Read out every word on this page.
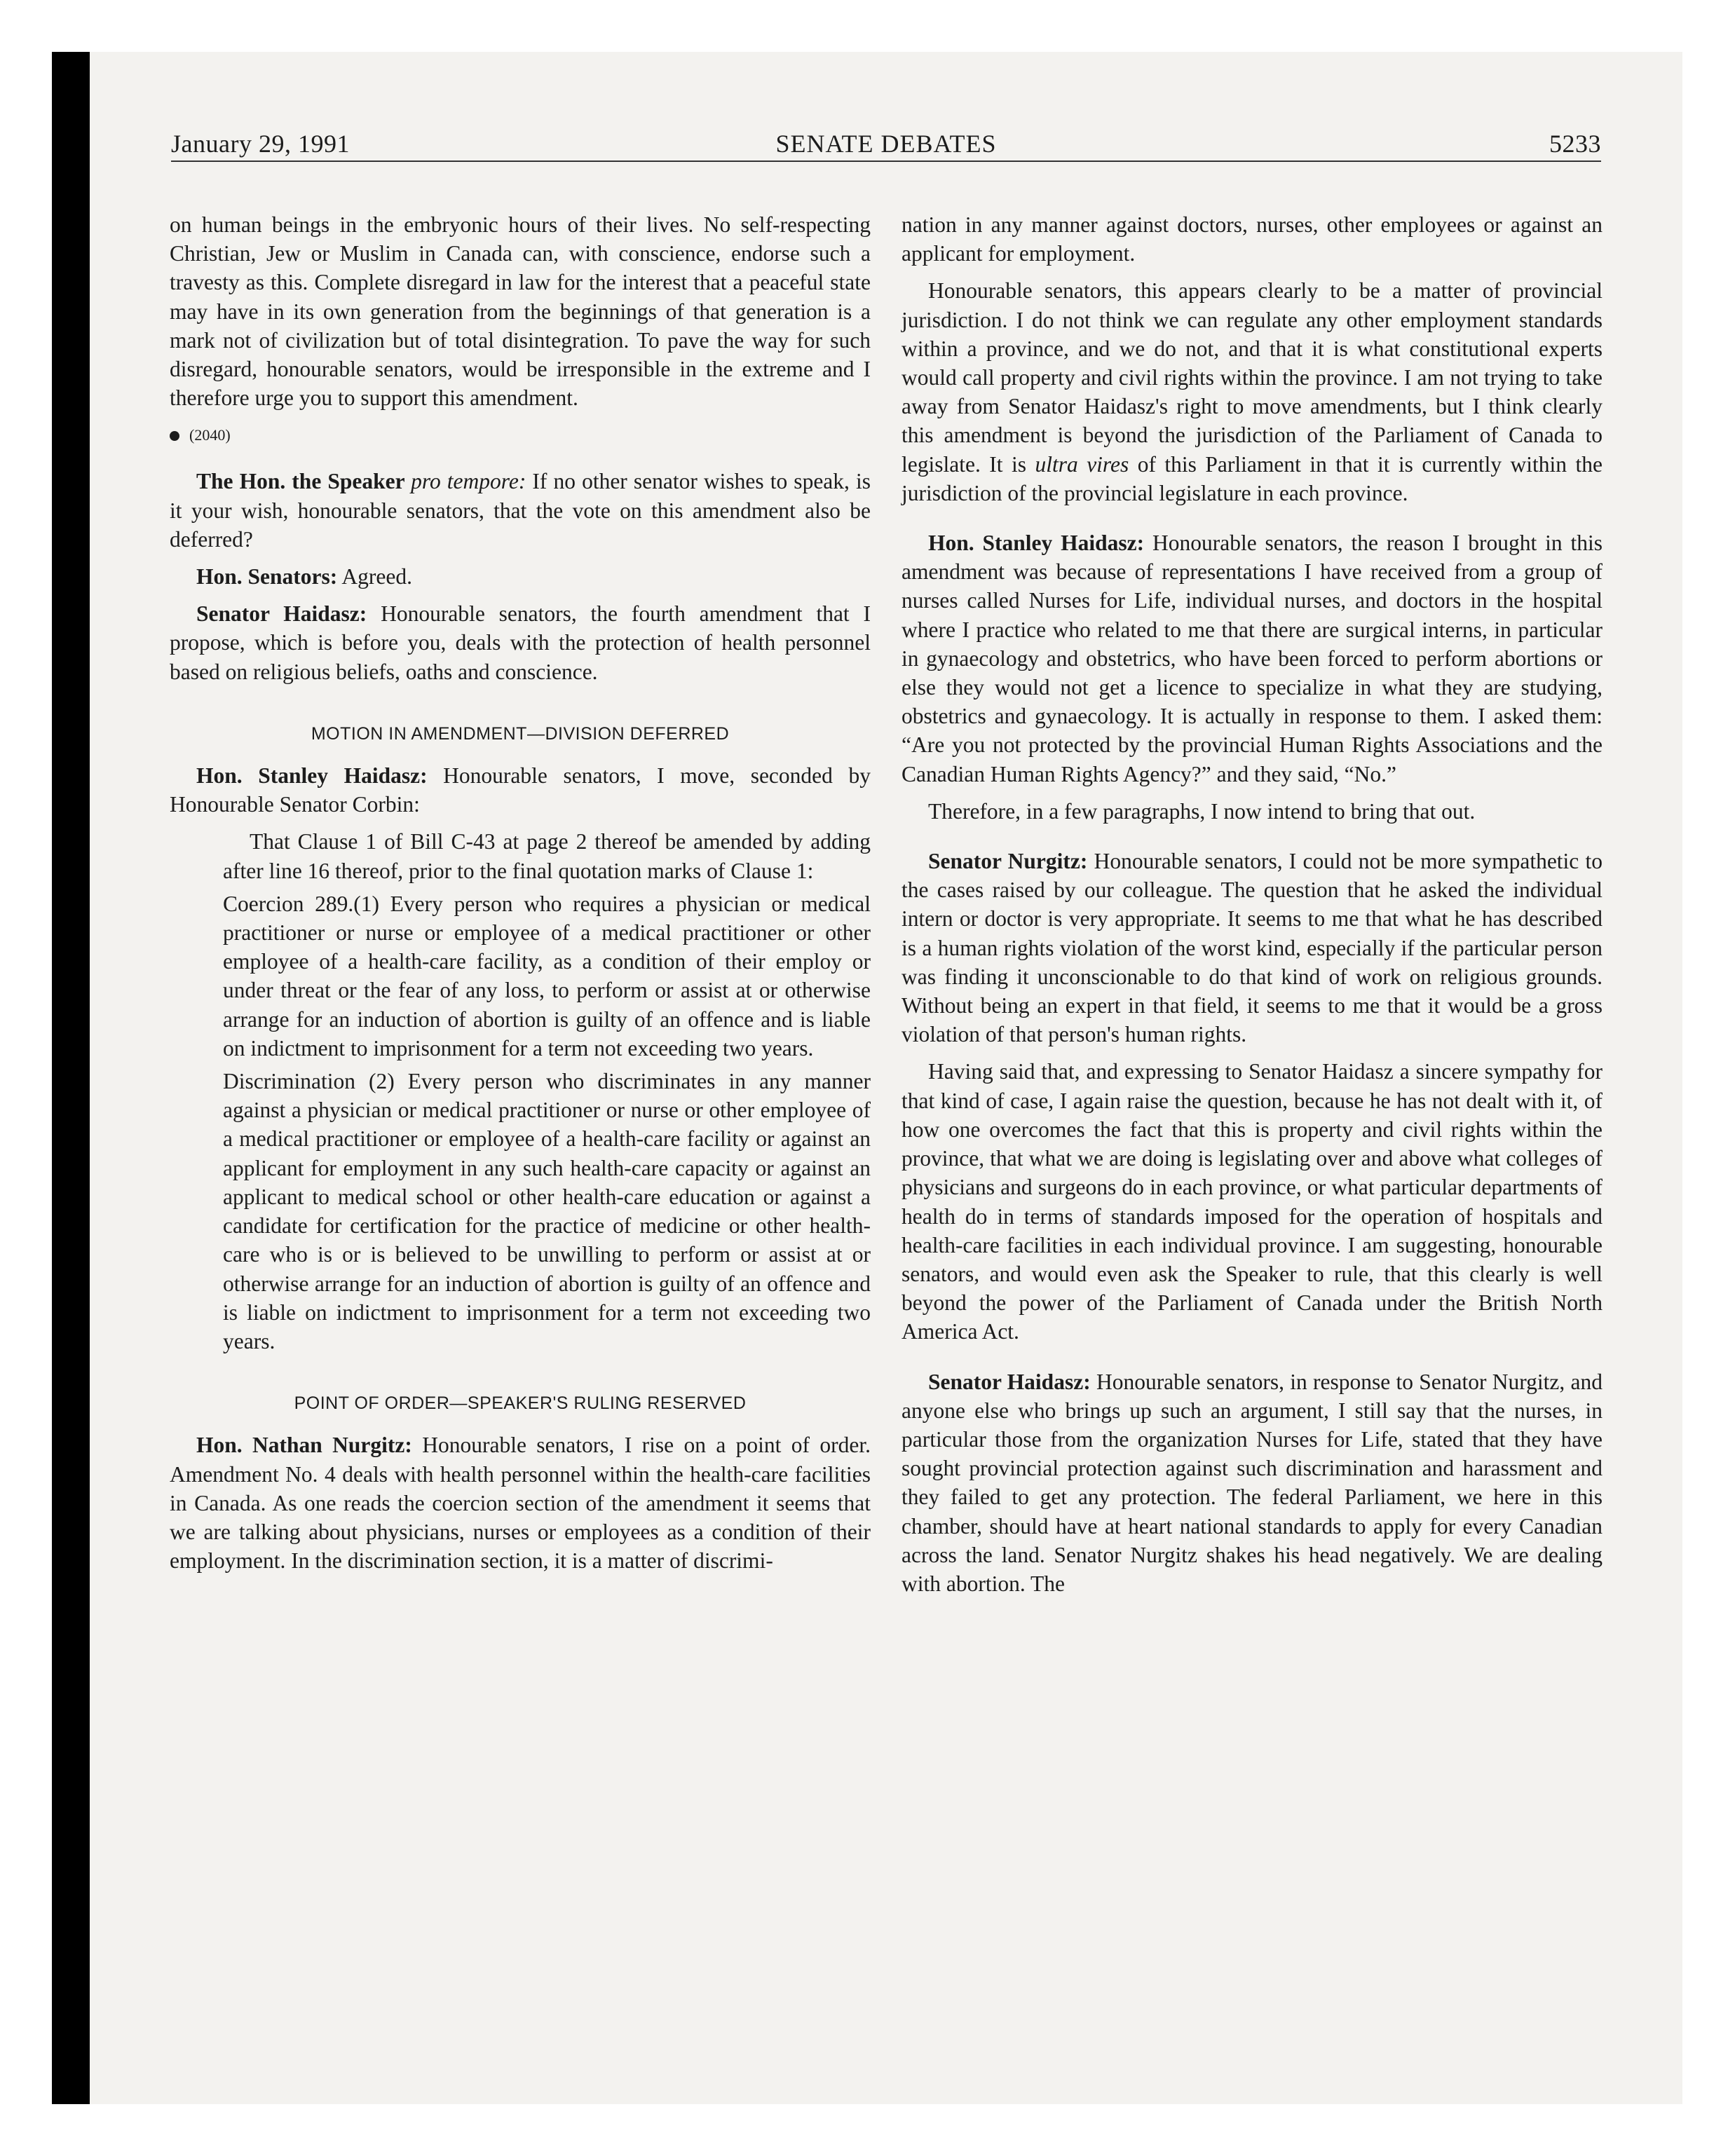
January 29, 1991	SENATE DEBATES	5233

on human beings in the embryonic hours of their lives. No self-respecting Christian, Jew or Muslim in Canada can, with conscience, endorse such a travesty as this. Complete disregard in law for the interest that a peaceful state may have in its own generation from the beginnings of that generation is a mark not of civilization but of total disintegration. To pave the way for such disregard, honourable senators, would be irresponsible in the extreme and I therefore urge you to support this amendment.

(2040)

The Hon. the Speaker pro tempore: If no other senator wishes to speak, is it your wish, honourable senators, that the vote on this amendment also be deferred?

Hon. Senators: Agreed.

Senator Haidasz: Honourable senators, the fourth amendment that I propose, which is before you, deals with the protection of health personnel based on religious beliefs, oaths and conscience.

MOTION IN AMENDMENT—DIVISION DEFERRED

Hon. Stanley Haidasz: Honourable senators, I move, seconded by Honourable Senator Corbin:

That Clause 1 of Bill C-43 at page 2 thereof be amended by adding after line 16 thereof, prior to the final quotation marks of Clause 1:

Coercion 289.(1) Every person who requires a physician or medical practitioner or nurse or employee of a medical practitioner or other employee of a health-care facility, as a condition of their employ or under threat or the fear of any loss, to perform or assist at or otherwise arrange for an induction of abortion is guilty of an offence and is liable on indictment to imprisonment for a term not exceeding two years.

Discrimination (2) Every person who discriminates in any manner against a physician or medical practitioner or nurse or other employee of a medical practitioner or employee of a health-care facility or against an applicant for employment in any such health-care capacity or against an applicant to medical school or other health-care education or against a candidate for certification for the practice of medicine or other health-care who is or is believed to be unwilling to perform or assist at or otherwise arrange for an induction of abortion is guilty of an offence and is liable on indictment to imprisonment for a term not exceeding two years.

POINT OF ORDER—SPEAKER'S RULING RESERVED

Hon. Nathan Nurgitz: Honourable senators, I rise on a point of order. Amendment No. 4 deals with health personnel within the health-care facilities in Canada. As one reads the coercion section of the amendment it seems that we are talking about physicians, nurses or employees as a condition of their employment. In the discrimination section, it is a matter of discrimi-

nation in any manner against doctors, nurses, other employees or against an applicant for employment.

Honourable senators, this appears clearly to be a matter of provincial jurisdiction. I do not think we can regulate any other employment standards within a province, and we do not, and that it is what constitutional experts would call property and civil rights within the province. I am not trying to take away from Senator Haidasz's right to move amendments, but I think clearly this amendment is beyond the jurisdiction of the Parliament of Canada to legislate. It is ultra vires of this Parliament in that it is currently within the jurisdiction of the provincial legislature in each province.

Hon. Stanley Haidasz: Honourable senators, the reason I brought in this amendment was because of representations I have received from a group of nurses called Nurses for Life, individual nurses, and doctors in the hospital where I practice who related to me that there are surgical interns, in particular in gynaecology and obstetrics, who have been forced to perform abortions or else they would not get a licence to specialize in what they are studying, obstetrics and gynaecology. It is actually in response to them. I asked them: “Are you not protected by the provincial Human Rights Associations and the Canadian Human Rights Agency?” and they said, “No.”

Therefore, in a few paragraphs, I now intend to bring that out.

Senator Nurgitz: Honourable senators, I could not be more sympathetic to the cases raised by our colleague. The question that he asked the individual intern or doctor is very appropriate. It seems to me that what he has described is a human rights violation of the worst kind, especially if the particular person was finding it unconscionable to do that kind of work on religious grounds. Without being an expert in that field, it seems to me that it would be a gross violation of that person's human rights.

Having said that, and expressing to Senator Haidasz a sincere sympathy for that kind of case, I again raise the question, because he has not dealt with it, of how one overcomes the fact that this is property and civil rights within the province, that what we are doing is legislating over and above what colleges of physicians and surgeons do in each province, or what particular departments of health do in terms of standards imposed for the operation of hospitals and health-care facilities in each individual province. I am suggesting, honourable senators, and would even ask the Speaker to rule, that this clearly is well beyond the power of the Parliament of Canada under the British North America Act.

Senator Haidasz: Honourable senators, in response to Senator Nurgitz, and anyone else who brings up such an argument, I still say that the nurses, in particular those from the organization Nurses for Life, stated that they have sought provincial protection against such discrimination and harassment and they failed to get any protection. The federal Parliament, we here in this chamber, should have at heart national standards to apply for every Canadian across the land. Senator Nurgitz shakes his head negatively. We are dealing with abortion. The
